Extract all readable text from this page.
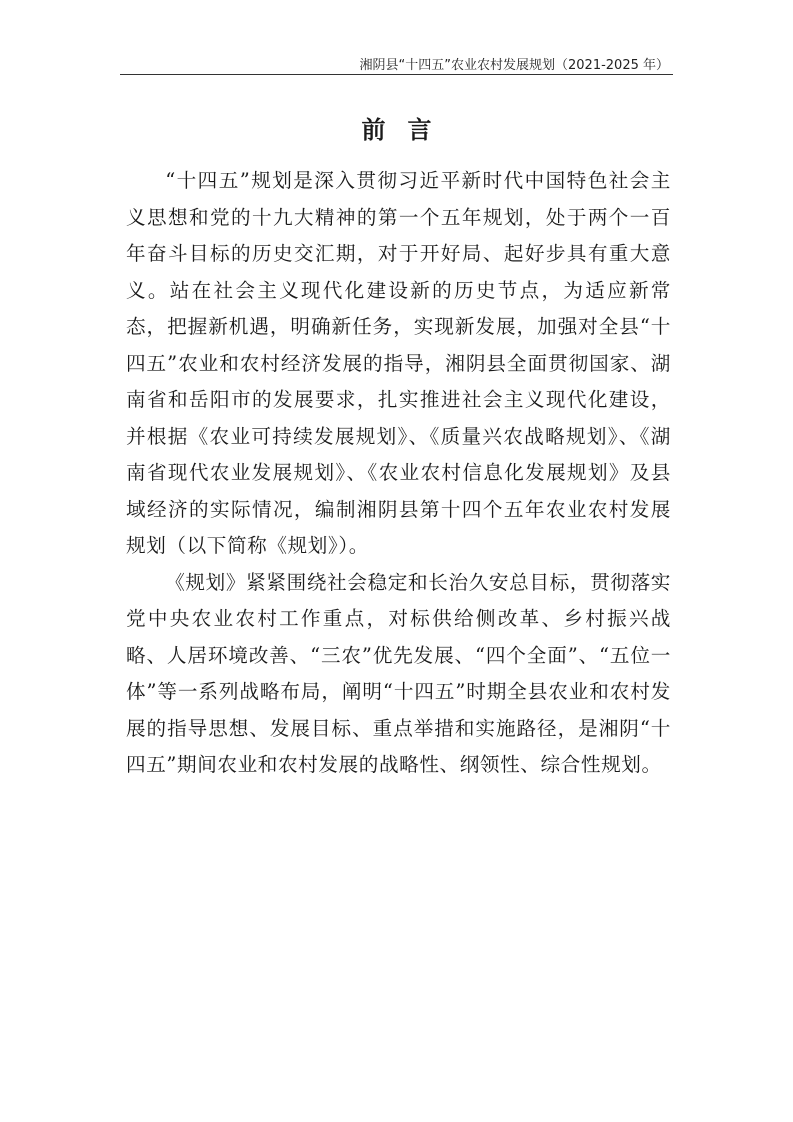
湘阴县“十四五”农业农村发展规划（2021-2025 年）
前言

“十四五”规划是深入贯彻习近平新时代中国特色社会主义思想和党的十九大精神的第一个五年规划，处于两个一百年奋斗目标的历史交汇期，对于开好局、起好步具有重大意义。站在社会主义现代化建设新的历史节点，为适应新常态，把握新机遇，明确新任务，实现新发展，加强对全县“十四五”农业和农村经济发展的指导，湘阴县全面贯彻国家、湖南省和岳阳市的发展要求，扎实推进社会主义现代化建设，并根据《农业可持续发展规划》、《质量兴农战略规划》、《湖南省现代农业发展规划》、《农业农村信息化发展规划》及县域经济的实际情况，编制湘阴县第十四个五年农业农村发展规划（以下简称《规划》）。

《规划》紧紧围绕社会稳定和长治久安总目标，贯彻落实党中央农业农村工作重点，对标供给侧改革、乡村振兴战略、人居环境改善、“三农”优先发展、“四个全面”、“五位一体”等一系列战略布局，阐明“十四五”时期全县农业和农村发展的指导思想、发展目标、重点举措和实施路径，是湘阴“十四五”期间农业和农村发展的战略性、纲领性、综合性规划。
